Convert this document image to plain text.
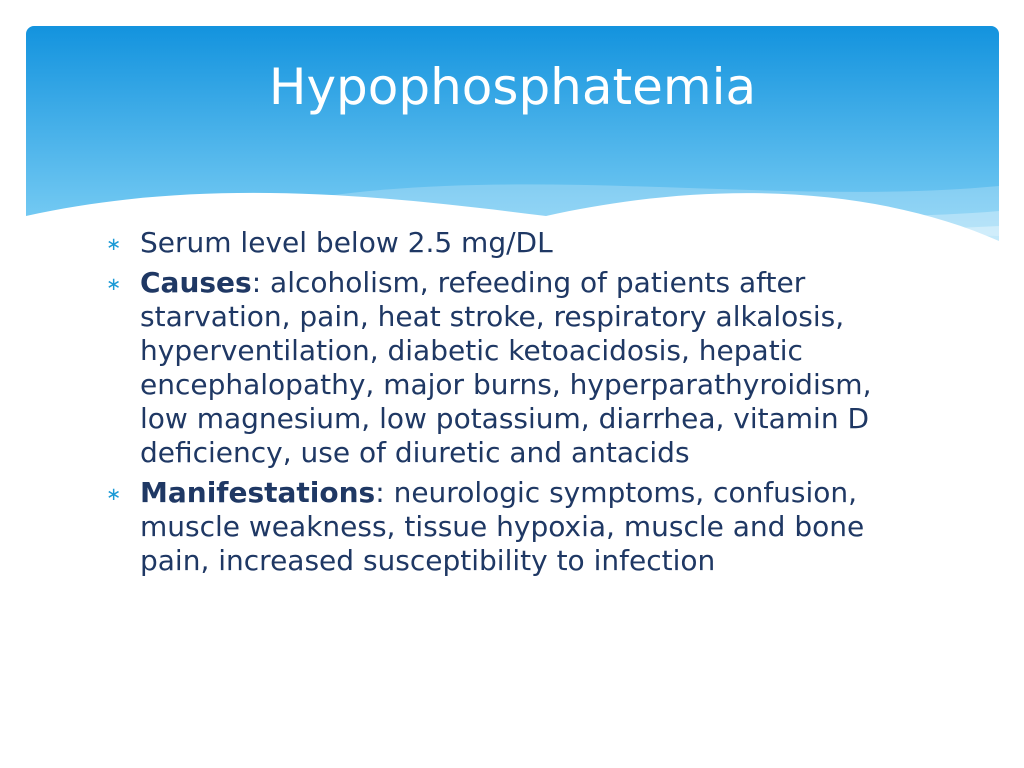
Hypophosphatemia
∗ Serum level below 2.5 mg/DL
∗ Causes: alcoholism, refeeding of patients after starvation, pain, heat stroke, respiratory alkalosis, hyperventilation, diabetic ketoacidosis, hepatic encephalopathy, major burns, hyperparathyroidism, low magnesium, low potassium, diarrhea, vitamin D deficiency, use of diuretic and antacids
∗ Manifestations: neurologic symptoms, confusion, muscle weakness, tissue hypoxia, muscle and bone pain, increased susceptibility to infection
